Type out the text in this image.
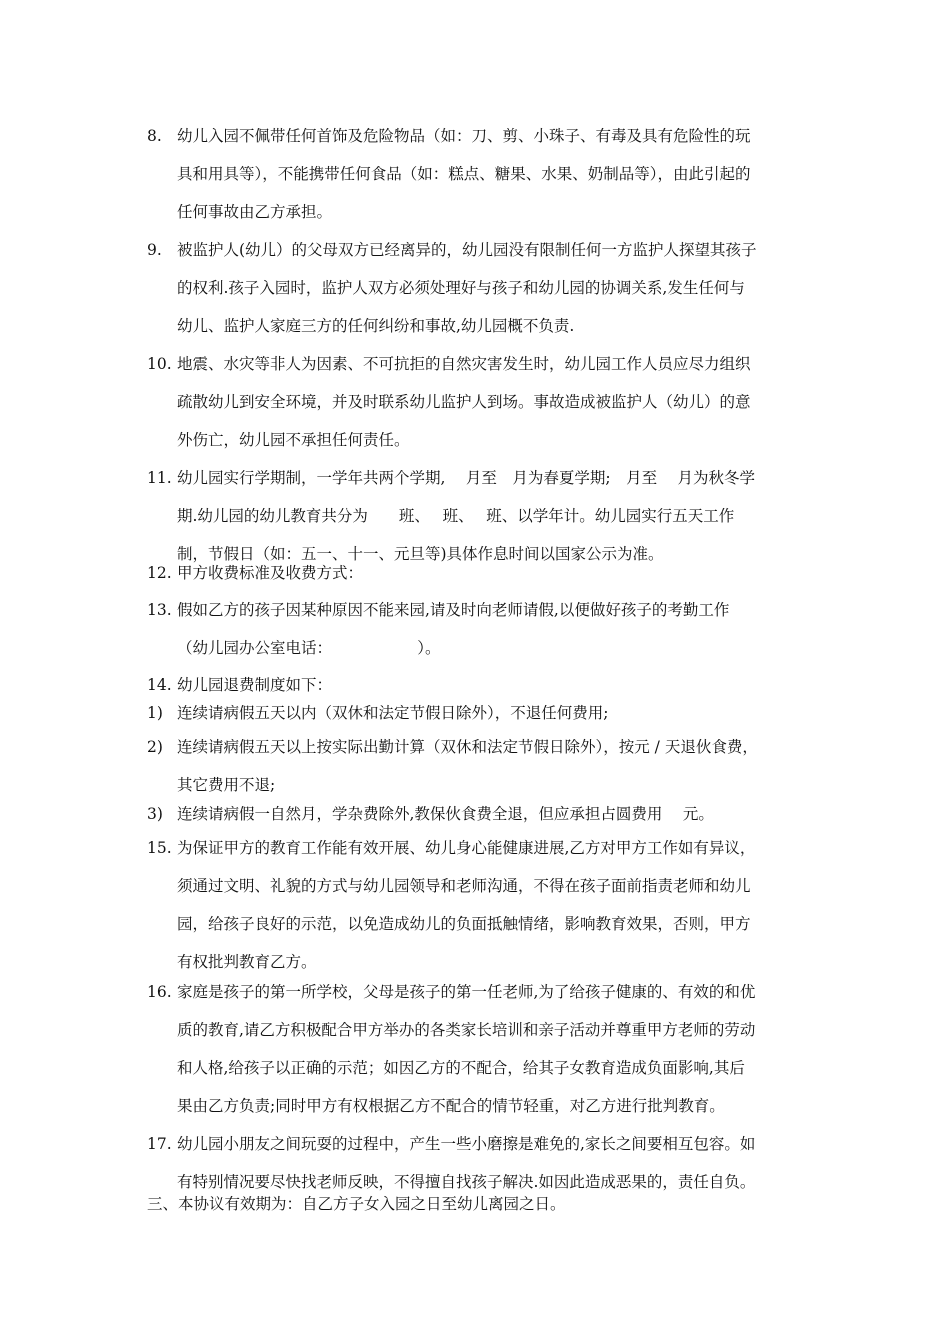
8. 幼儿入园不佩带任何首饰及危险物品（如：刀、剪、小珠子、有毒及具有危险性的玩
具和用具等），不能携带任何食品（如：糕点、糖果、水果、奶制品等），由此引起的
任何事故由乙方承担。
9. 被监护人(幼儿）的父母双方已经离异的，幼儿园没有限制任何一方监护人探望其孩子
的权利.孩子入园时，监护人双方必须处理好与孩子和幼儿园的协调关系,发生任何与
幼儿、监护人家庭三方的任何纠纷和事故,幼儿园概不负责.
10. 地震、水灾等非人为因素、不可抗拒的自然灾害发生时，幼儿园工作人员应尽力组织
疏散幼儿到安全环境，并及时联系幼儿监护人到场。事故造成被监护人（幼儿）的意
外伤亡，幼儿园不承担任何责任。
11. 幼儿园实行学期制，一学年共两个学期,　 月至　月为春夏学期;　月至　 月为秋冬学
期.幼儿园的幼儿教育共分为　　班、　 班、　 班、以学年计。幼儿园实行五天工作
制，节假日（如：五一、十一、元旦等)具体作息时间以国家公示为准。
12. 甲方收费标准及收费方式：
13. 假如乙方的孩子因某种原因不能来园,请及时向老师请假,以便做好孩子的考勤工作
（幼儿园办公室电话：　　　　　　）。
14. 幼儿园退费制度如下：
1) 连续请病假五天以内（双休和法定节假日除外），不退任何费用;
2) 连续请病假五天以上按实际出勤计算（双休和法定节假日除外），按元 / 天退伙食费，
其它费用不退;
3) 连续请病假一自然月，学杂费除外,教保伙食费全退，但应承担占圆费用　 元。
15. 为保证甲方的教育工作能有效开展、幼儿身心能健康进展,乙方对甲方工作如有异议，
须通过文明、礼貌的方式与幼儿园领导和老师沟通，不得在孩子面前指责老师和幼儿
园，给孩子良好的示范，以免造成幼儿的负面抵触情绪，影响教育效果，否则，甲方
有权批判教育乙方。
16. 家庭是孩子的第一所学校，父母是孩子的第一任老师,为了给孩子健康的、有效的和优
质的教育,请乙方积极配合甲方举办的各类家长培训和亲子活动并尊重甲方老师的劳动
和人格,给孩子以正确的示范；如因乙方的不配合，给其子女教育造成负面影响,其后
果由乙方负责;同时甲方有权根据乙方不配合的情节轻重，对乙方进行批判教育。
17. 幼儿园小朋友之间玩耍的过程中，产生一些小磨擦是难免的,家长之间要相互包容。如
有特别情况要尽快找老师反映，不得擅自找孩子解决.如因此造成恶果的，责任自负。
三、本协议有效期为：自乙方子女入园之日至幼儿离园之日。
